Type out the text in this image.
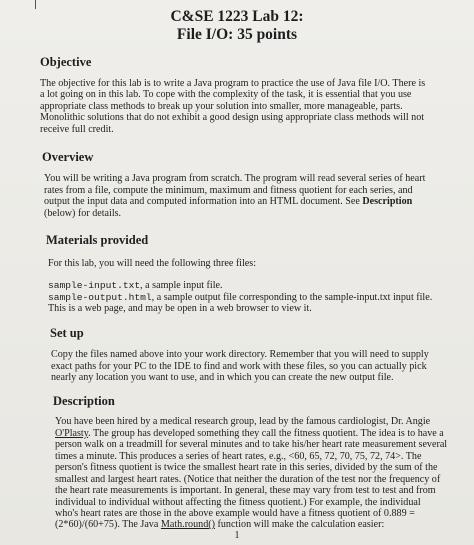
C&SE 1223 Lab 12:
File I/O: 35 points
Objective

The objective for this lab is to write a Java program to practice the use of Java file I/O. There is

a lot going on in this lab. To cope with the complexity of the task, it is essential that you use

appropriate class methods to break up your solution into smaller, more manageable, parts.

Monolithic solutions that do not exhibit a good design using appropriate class methods will not

receive full credit.

Overview

You will be writing a Java program from scratch. The program will read several series of heart

rates from a file, compute the minimum, maximum and fitness quotient for each series, and

output the input data and computed information into an HTML document. See Description

(below) for details.

Materials provided

For this lab, you will need the following three files:

sample-input.txt, a sample input file.

sample-output.html, a sample output file corresponding to the sample-input.txt input file.

This is a web page, and may be open in a web browser to view it.

Set up

Copy the files named above into your work directory. Remember that you will need to supply

exact paths for your PC to the IDE to find and work with these files, so you can actually pick

nearly any location you want to use, and in which you can create the new output file.

Description

You have been hired by a medical research group, lead by the famous cardiologist, Dr. Angie

O'Plasty. The group has developed something they call the fitness quotient. The idea is to have a

person walk on a treadmill for several minutes and to take his/her heart rate measurement several

times a minute. This produces a series of heart rates, e.g., <60, 65, 72, 70, 75, 72, 74>. The

person's fitness quotient is twice the smallest heart rate in this series, divided by the sum of the

smallest and largest heart rates. (Notice that neither the duration of the test nor the frequency of

the heart rate measurements is important. In general, these may vary from test to test and from

individual to individual without affecting the fitness quotient.) For example, the individual

who's heart rates are those in the above example would have a fitness quotient of 0.889 =

(2*60)/(60+75). The Java Math.round() function will make the calculation easier:

1
